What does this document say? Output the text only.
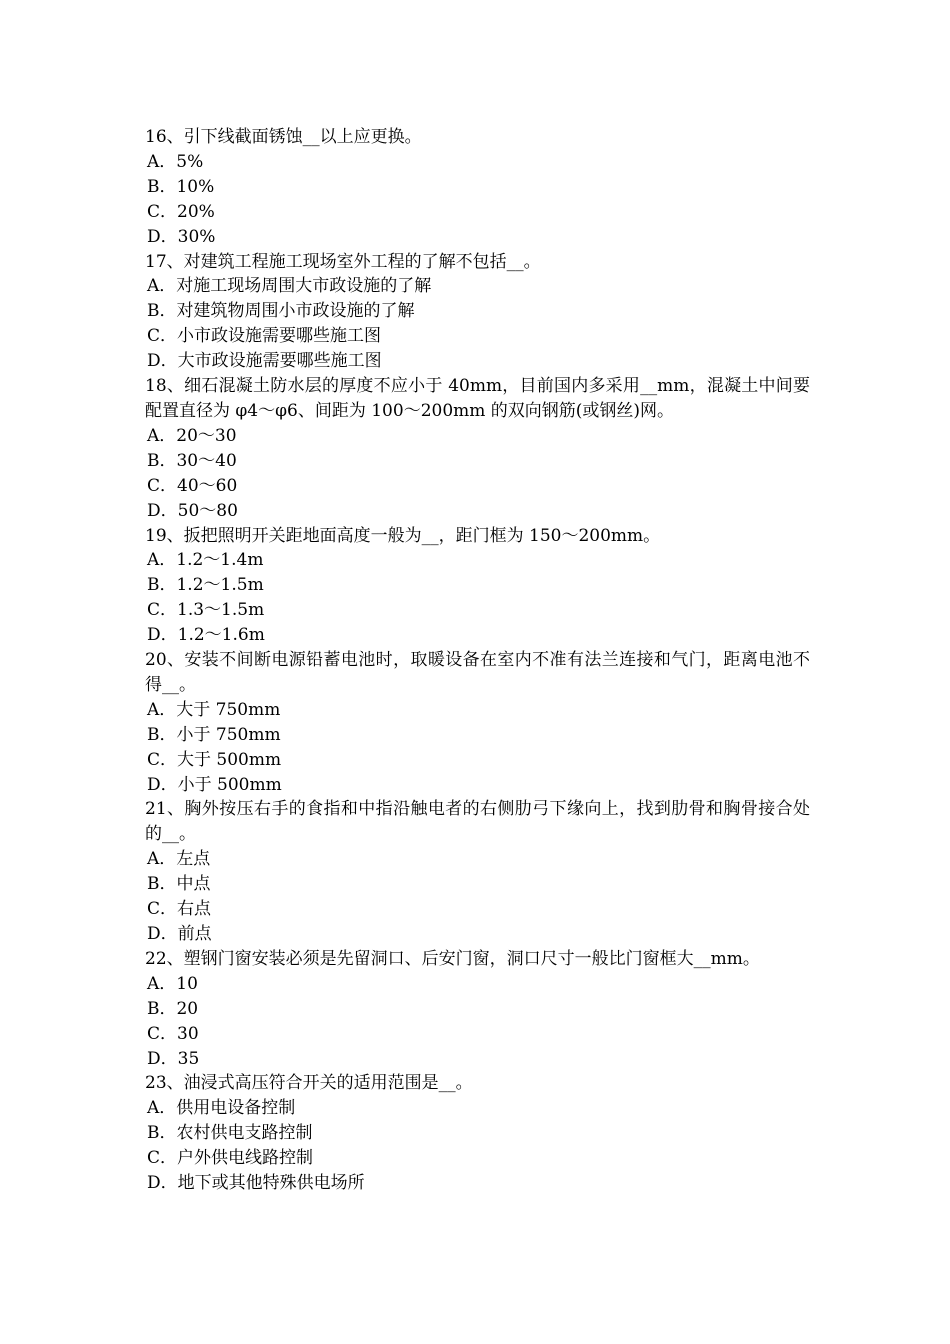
16、引下线截面锈蚀__以上应更换。

A．5%

B．10%

C．20%

D．30%

17、对建筑工程施工现场室外工程的了解不包括__。

A．对施工现场周围大市政设施的了解

B．对建筑物周围小市政设施的了解

C．小市政设施需要哪些施工图

D．大市政设施需要哪些施工图

18、细石混凝土防水层的厚度不应小于 40mm，目前国内多采用__mm，混凝土中间要配置直径为 φ4～φ6、间距为 100～200mm 的双向钢筋(或钢丝)网。

A．20～30

B．30～40

C．40～60

D．50～80

19、扳把照明开关距地面高度一般为__，距门框为 150～200mm。

A．1.2～1.4m

B．1.2～1.5m

C．1.3～1.5m

D．1.2～1.6m

20、安装不间断电源铅蓄电池时，取暖设备在室内不准有法兰连接和气门，距离电池不得__。

A．大于 750mm

B．小于 750mm

C．大于 500mm

D．小于 500mm

21、胸外按压右手的食指和中指沿触电者的右侧肋弓下缘向上，找到肋骨和胸骨接合处的__。

A．左点

B．中点

C．右点

D．前点

22、塑钢门窗安装必须是先留洞口、后安门窗，洞口尺寸一般比门窗框大__mm。

A．10

B．20

C．30

D．35

23、油浸式高压符合开关的适用范围是__。

A．供用电设备控制

B．农村供电支路控制

C．户外供电线路控制

D．地下或其他特殊供电场所
